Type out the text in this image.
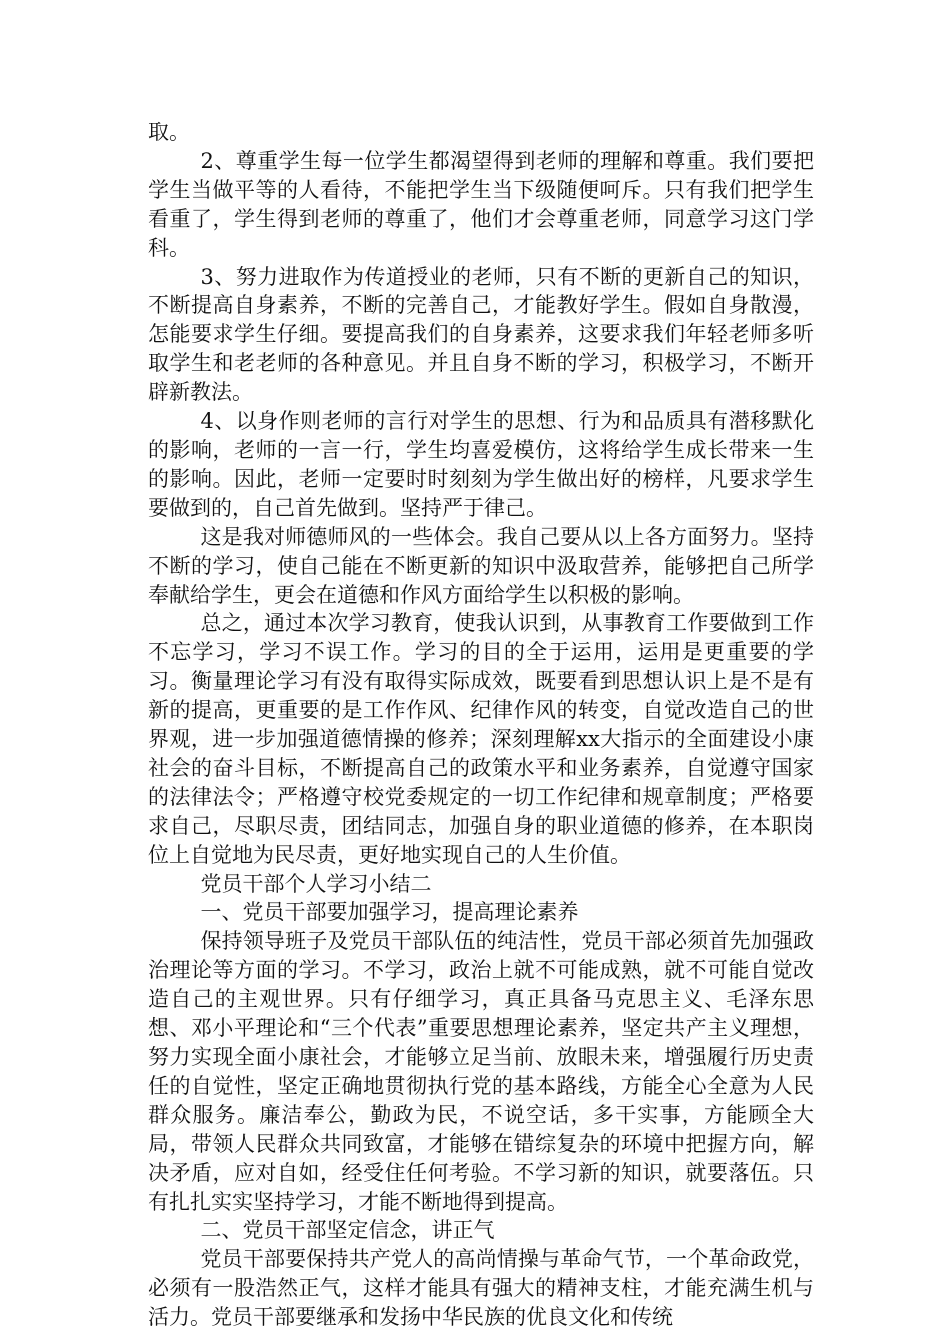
取。

2、尊重学生每一位学生都渴望得到老师的理解和尊重。我们要把学生当做平等的人看待，不能把学生当下级随便呵斥。只有我们把学生看重了，学生得到老师的尊重了，他们才会尊重老师，同意学习这门学科。

3、努力进取作为传道授业的老师，只有不断的更新自己的知识，不断提高自身素养，不断的完善自己，才能教好学生。假如自身散漫，怎能要求学生仔细。要提高我们的自身素养，这要求我们年轻老师多听取学生和老老师的各种意见。并且自身不断的学习，积极学习，不断开辟新教法。

4、以身作则老师的言行对学生的思想、行为和品质具有潜移默化的影响，老师的一言一行，学生均喜爱模仿，这将给学生成长带来一生的影响。因此，老师一定要时时刻刻为学生做出好的榜样，凡要求学生要做到的，自己首先做到。坚持严于律己。

这是我对师德师风的一些体会。我自己要从以上各方面努力。坚持不断的学习，使自己能在不断更新的知识中汲取营养，能够把自己所学奉献给学生，更会在道德和作风方面给学生以积极的影响。

总之，通过本次学习教育，使我认识到，从事教育工作要做到工作不忘学习，学习不误工作。学习的目的全于运用，运用是更重要的学习。衡量理论学习有没有取得实际成效，既要看到思想认识上是不是有新的提高，更重要的是工作作风、纪律作风的转变，自觉改造自己的世界观，进一步加强道德情操的修养；深刻理解xx大指示的全面建设小康社会的奋斗目标，不断提高自己的政策水平和业务素养，自觉遵守国家的法律法令；严格遵守校党委规定的一切工作纪律和规章制度；严格要求自己，尽职尽责，团结同志，加强自身的职业道德的修养，在本职岗位上自觉地为民尽责，更好地实现自己的人生价值。

党员干部个人学习小结二

一、党员干部要加强学习，提高理论素养

保持领导班子及党员干部队伍的纯洁性，党员干部必须首先加强政治理论等方面的学习。不学习，政治上就不可能成熟，就不可能自觉改造自己的主观世界。只有仔细学习，真正具备马克思主义、毛泽东思想、邓小平理论和“三个代表”重要思想理论素养，坚定共产主义理想，努力实现全面小康社会，才能够立足当前、放眼未来，增强履行历史责任的自觉性，坚定正确地贯彻执行党的基本路线，方能全心全意为人民群众服务。廉洁奉公，勤政为民，不说空话，多干实事，方能顾全大局，带领人民群众共同致富，才能够在错综复杂的环境中把握方向，解决矛盾，应对自如，经受住任何考验。不学习新的知识，就要落伍。只有扎扎实实坚持学习，才能不断地得到提高。

二、党员干部坚定信念，讲正气

党员干部要保持共产党人的高尚情操与革命气节，一个革命政党，必须有一股浩然正气，这样才能具有强大的精神支柱，才能充满生机与活力。党员干部要继承和发扬中华民族的优良文化和传统
